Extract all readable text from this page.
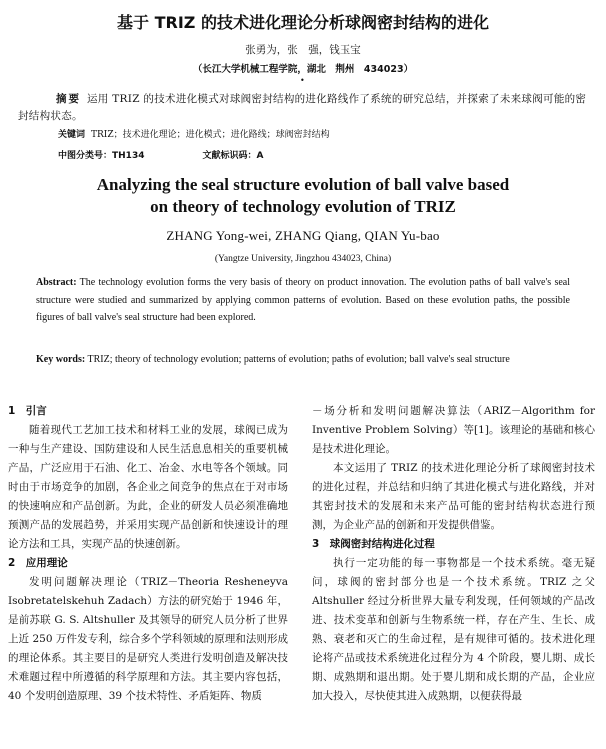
基于 TRIZ 的技术进化理论分析球阀密封结构的进化
张勇为，张　强，钱玉宝
（长江大学机械工程学院，湖北　荆州　434023）
•
摘要 运用 TRIZ 的技术进化模式对球阀密封结构的进化路线作了系统的研究总结，并探索了未来球阀可能的密封结构状态。
关键词 TRIZ；技术进化理论；进化模式；进化路线；球阀密封结构
中图分类号：TH134	文献标识码：A
Analyzing the seal structure evolution of ball valve based
on theory of technology evolution of TRIZ
ZHANG Yong-wei, ZHANG Qiang, QIAN Yu-bao
(Yangtze University, Jingzhou 434023, China)
Abstract: The technology evolution forms the very basis of theory on product innovation. The evolution paths of ball valve's seal structure were studied and summarized by applying common patterns of evolution. Based on these evolution paths, the possible figures of ball valve's seal structure had been explored.
Key words: TRIZ; theory of technology evolution; patterns of evolution; paths of evolution; ball valve's seal structure
1　引言
随着现代工艺加工技术和材料工业的发展，球阀已成为一种与生产建设、国防建设和人民生活息息相关的重要机械产品，广泛应用于石油、化工、冶金、水电等各个领域。同时由于市场竞争的加剧，各企业之间竞争的焦点在于对市场的快速响应和产品创新。为此，企业的研发人员必须准确地预测产品的发展趋势，并采用实现产品创新和快速设计的理论方法和工具，实现产品的快速创新。
2　应用理论
发明问题解决理论（TRIZ－Theoria Resheneyva Isobretatelskehuh Zadach）方法的研究始于 1946 年，是前苏联 G. S. Altshuller 及其领导的研究人员分析了世界上近 250 万件发专利，综合多个学科领域的原理和法则形成的理论体系。其主要目的是研究人类进行发明创造及解决技术难题过程中所遵循的科学原理和方法。其主要内容包括，40 个发明创造原理、39 个技术特性、矛盾矩阵、物质
－场分析和发明问题解决算法（ARIZ－Algorithm for Inventive Problem Solving）等[1]。该理论的基础和核心是技术进化理论。
本文运用了 TRIZ 的技术进化理论分析了球阀密封技术的进化过程，并总结和归纳了其进化模式与进化路线，并对其密封技术的发展和未来产品可能的密封结构状态进行预测，为企业产品的创新和开发提供借鉴。
3　球阀密封结构进化过程
执行一定功能的每一事物都是一个技术系统。毫无疑问，球阀的密封部分也是一个技术系统。TRIZ 之父 Altshuller 经过分析世界大量专利发现，任何领域的产品改进、技术变革和创新与生物系统一样，存在产生、生长、成熟、衰老和灭亡的生命过程，是有规律可循的。技术进化理论将产品或技术系统进化过程分为 4 个阶段，婴儿期、成长期、成熟期和退出期。处于婴儿期和成长期的产品，企业应加大投入，尽快使其进入成熟期，以便获得最
